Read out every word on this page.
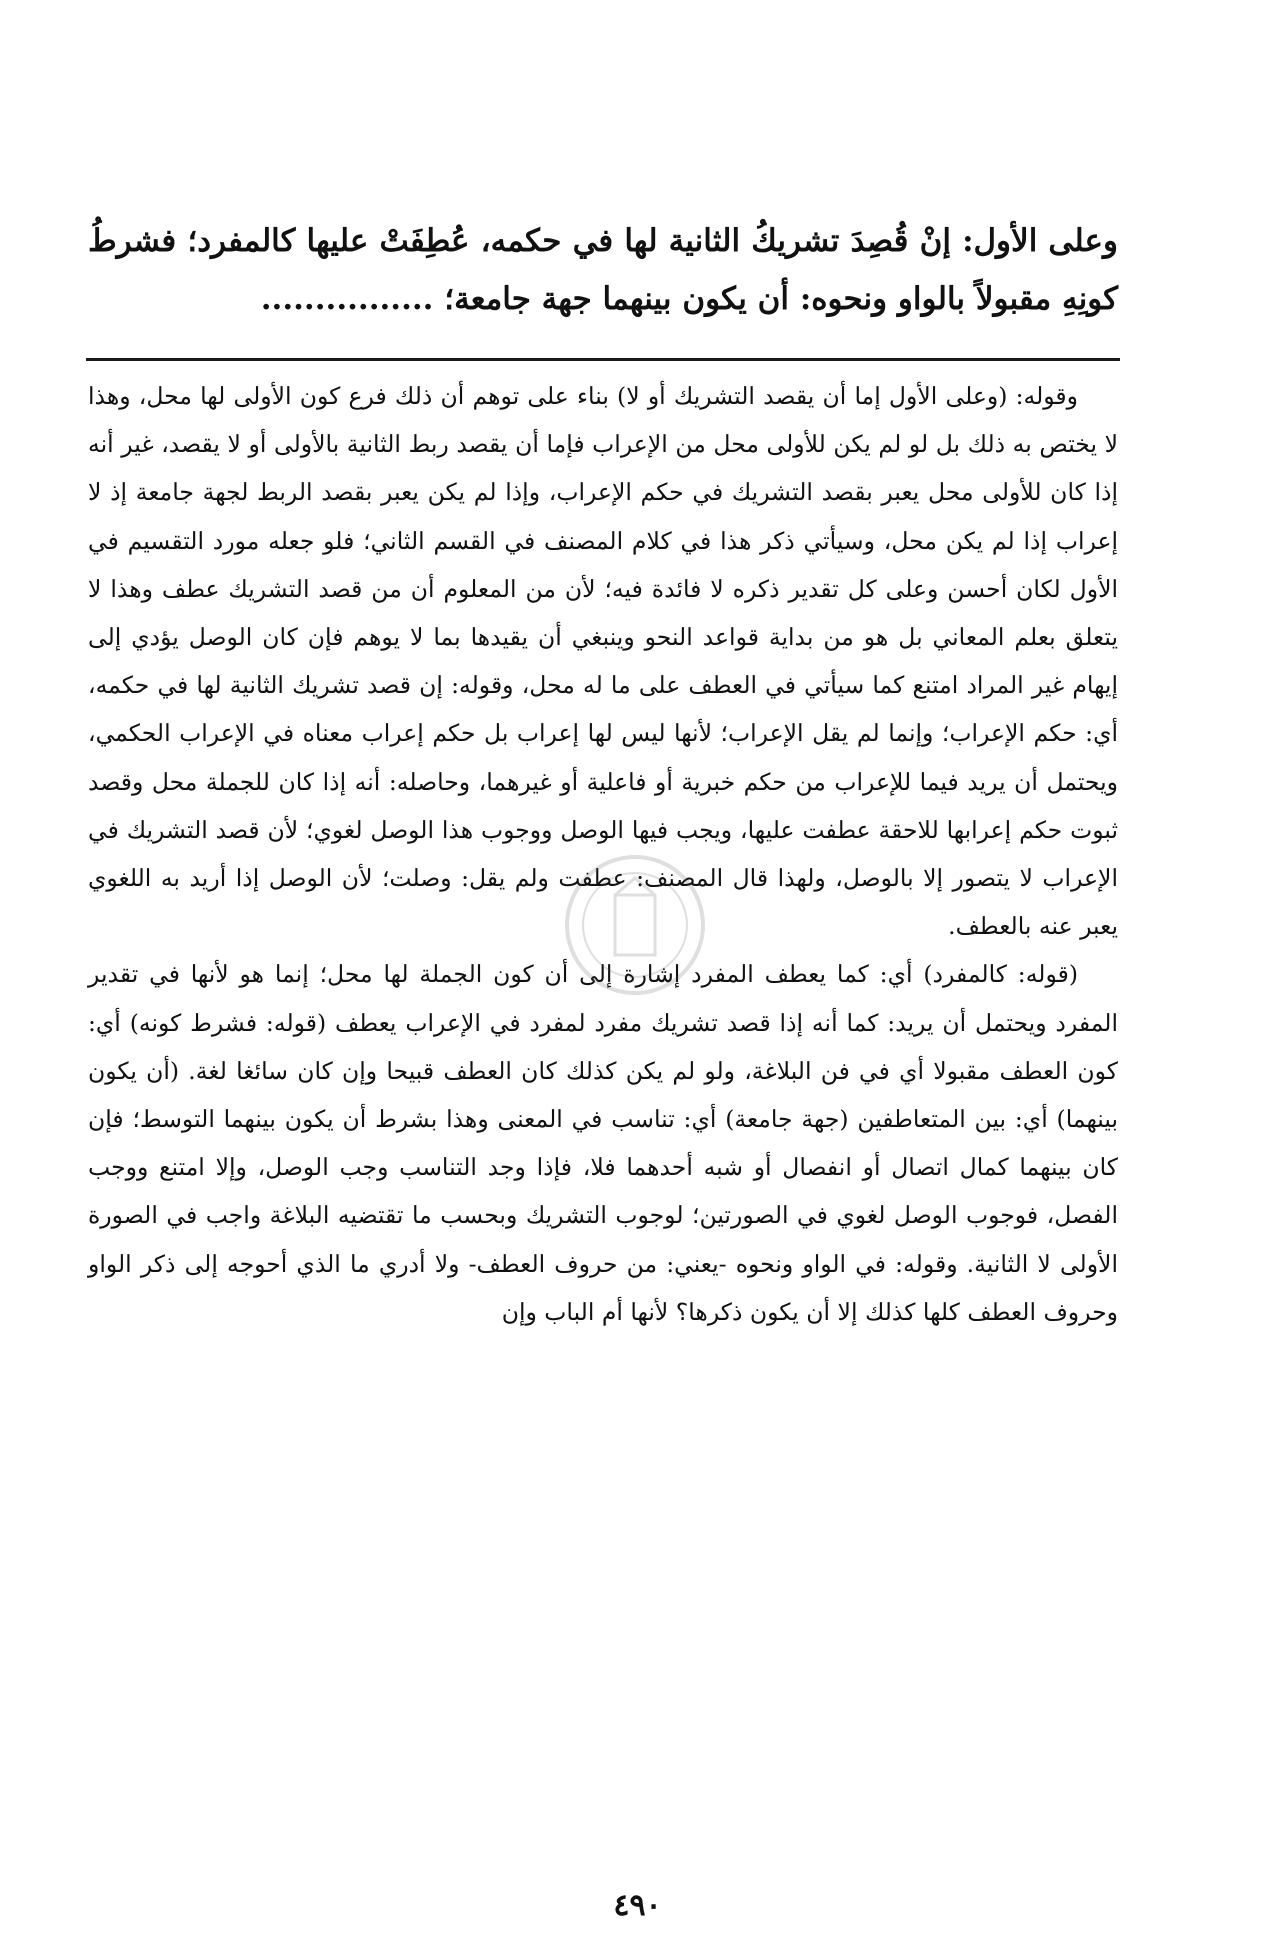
وعلى الأول: إنْ قُصِدَ تشريكُ الثانية لها في حكمه، عُطِفَتْ عليها كالمفرد؛ فشرطُ كونِهِ مقبولاً بالواو ونحوه: أن يكون بينهما جهة جامعة؛ ................

وقوله: (وعلى الأول إما أن يقصد التشريك أو لا) بناء على توهم أن ذلك فرع كون الأولى لها محل، وهذا لا يختص به ذلك بل لو لم يكن للأولى محل من الإعراب فإما أن يقصد ربط الثانية بالأولى أو لا يقصد، غير أنه إذا كان للأولى محل يعبر بقصد التشريك في حكم الإعراب، وإذا لم يكن يعبر بقصد الربط لجهة جامعة إذ لا إعراب إذا لم يكن محل، وسيأتي ذكر هذا في كلام المصنف في القسم الثاني؛ فلو جعله مورد التقسيم في الأول لكان أحسن وعلى كل تقدير ذكره لا فائدة فيه؛ لأن من المعلوم أن من قصد التشريك عطف وهذا لا يتعلق بعلم المعاني بل هو من بداية قواعد النحو وينبغي أن يقيدها بما لا يوهم فإن كان الوصل يؤدي إلى إيهام غير المراد امتنع كما سيأتي في العطف على ما له محل، وقوله: إن قصد تشريك الثانية لها في حكمه، أي: حكم الإعراب؛ وإنما لم يقل الإعراب؛ لأنها ليس لها إعراب بل حكم إعراب معناه في الإعراب الحكمي، ويحتمل أن يريد فيما للإعراب من حكم خبرية أو فاعلية أو غيرهما، وحاصله: أنه إذا كان للجملة محل وقصد ثبوت حكم إعرابها للاحقة عطفت عليها، ويجب فيها الوصل ووجوب هذا الوصل لغوي؛ لأن قصد التشريك في الإعراب لا يتصور إلا بالوصل، ولهذا قال المصنف: عطفت ولم يقل: وصلت؛ لأن الوصل إذا أريد به اللغوي يعبر عنه بالعطف.

(قوله: كالمفرد) أي: كما يعطف المفرد إشارة إلى أن كون الجملة لها محل؛ إنما هو لأنها في تقدير المفرد ويحتمل أن يريد: كما أنه إذا قصد تشريك مفرد لمفرد في الإعراب يعطف (قوله: فشرط كونه) أي: كون العطف مقبولا أي في فن البلاغة، ولو لم يكن كذلك كان العطف قبيحا وإن كان سائغا لغة. (أن يكون بينهما) أي: بين المتعاطفين (جهة جامعة) أي: تناسب في المعنى وهذا بشرط أن يكون بينهما التوسط؛ فإن كان بينهما كمال اتصال أو انفصال أو شبه أحدهما فلا، فإذا وجد التناسب وجب الوصل، وإلا امتنع ووجب الفصل، فوجوب الوصل لغوي في الصورتين؛ لوجوب التشريك وبحسب ما تقتضيه البلاغة واجب في الصورة الأولى لا الثانية. وقوله: في الواو ونحوه -يعني: من حروف العطف- ولا أدري ما الذي أحوجه إلى ذكر الواو وحروف العطف كلها كذلك إلا أن يكون ذكرها؟ لأنها أم الباب وإن

٤٩٠
